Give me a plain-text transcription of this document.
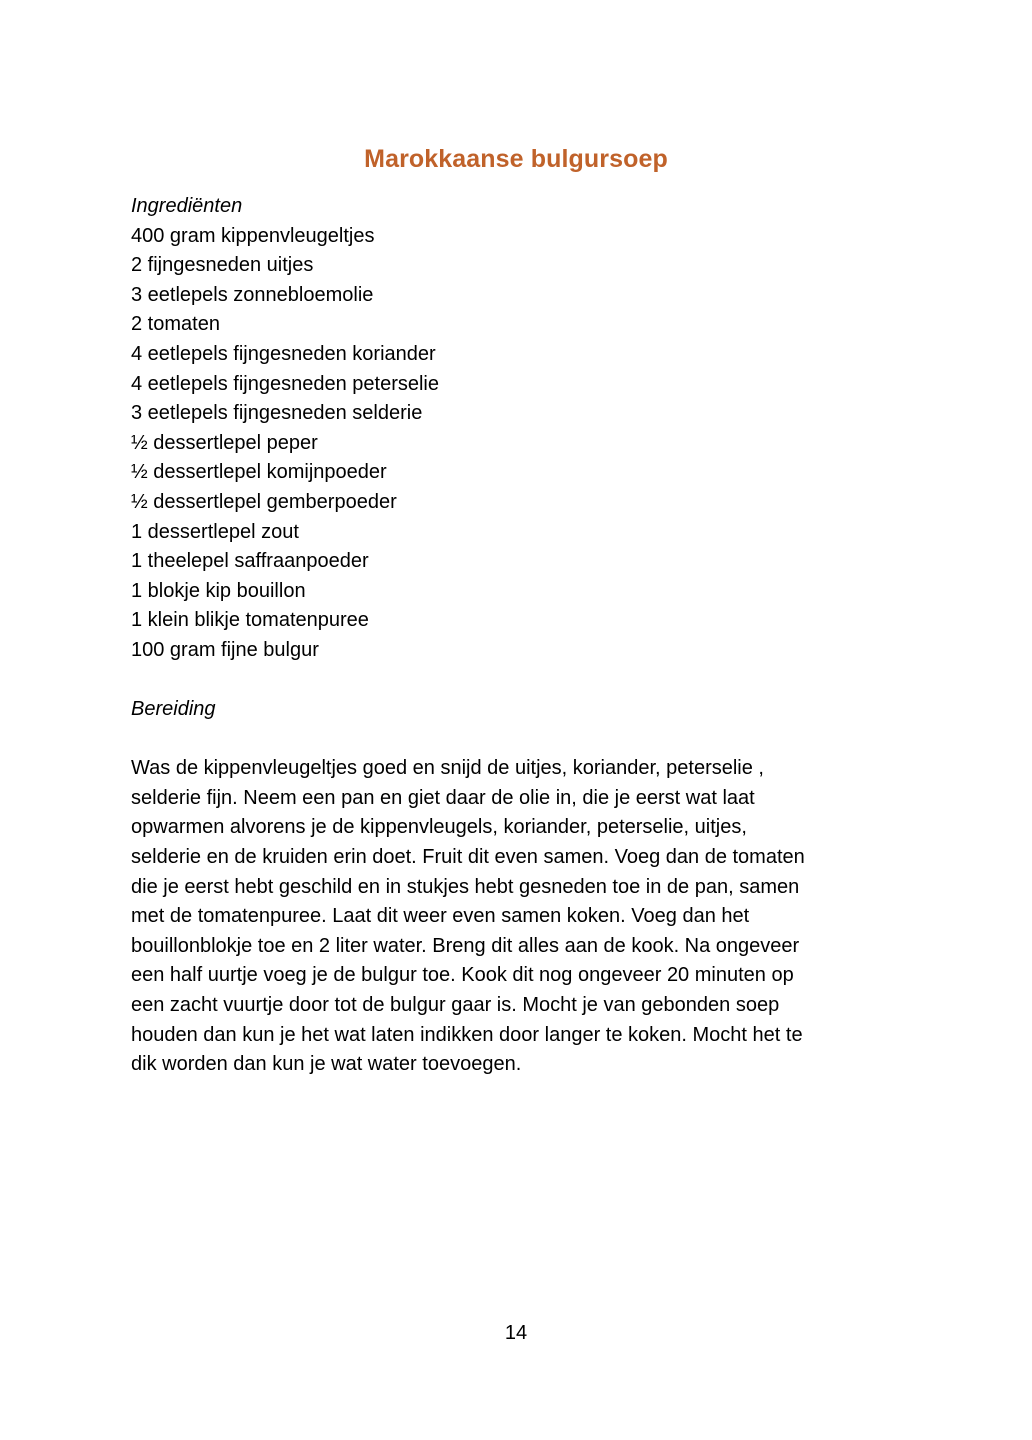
Marokkaanse bulgursoep

Ingrediënten

400 gram kippenvleugeltjes
2 fijngesneden uitjes
3 eetlepels zonnebloemolie
2 tomaten
4 eetlepels fijngesneden koriander
4 eetlepels fijngesneden peterselie
3 eetlepels fijngesneden selderie
½ dessertlepel peper
½ dessertlepel komijnpoeder
½ dessertlepel gemberpoeder
1 dessertlepel zout
1 theelepel saffraanpoeder
1 blokje kip bouillon
1 klein blikje tomatenpuree
100 gram fijne bulgur

Bereiding

Was de kippenvleugeltjes goed en snijd de uitjes, koriander, peterselie ,
selderie fijn. Neem een pan en giet daar de olie in, die je eerst wat laat
opwarmen alvorens je de kippenvleugels, koriander, peterselie, uitjes,
selderie en de kruiden erin doet. Fruit dit even samen. Voeg dan de tomaten
die je eerst hebt geschild en in stukjes hebt gesneden toe in de pan, samen
met de tomatenpuree. Laat dit weer even samen koken. Voeg dan het
bouillonblokje toe en 2 liter water. Breng dit alles aan de kook. Na ongeveer
een half uurtje voeg je de bulgur toe. Kook dit nog ongeveer 20 minuten op
een zacht vuurtje door tot de bulgur gaar is. Mocht je van gebonden soep
houden dan kun je het wat laten indikken door langer te koken. Mocht het te
dik worden dan kun je wat water toevoegen.
14
